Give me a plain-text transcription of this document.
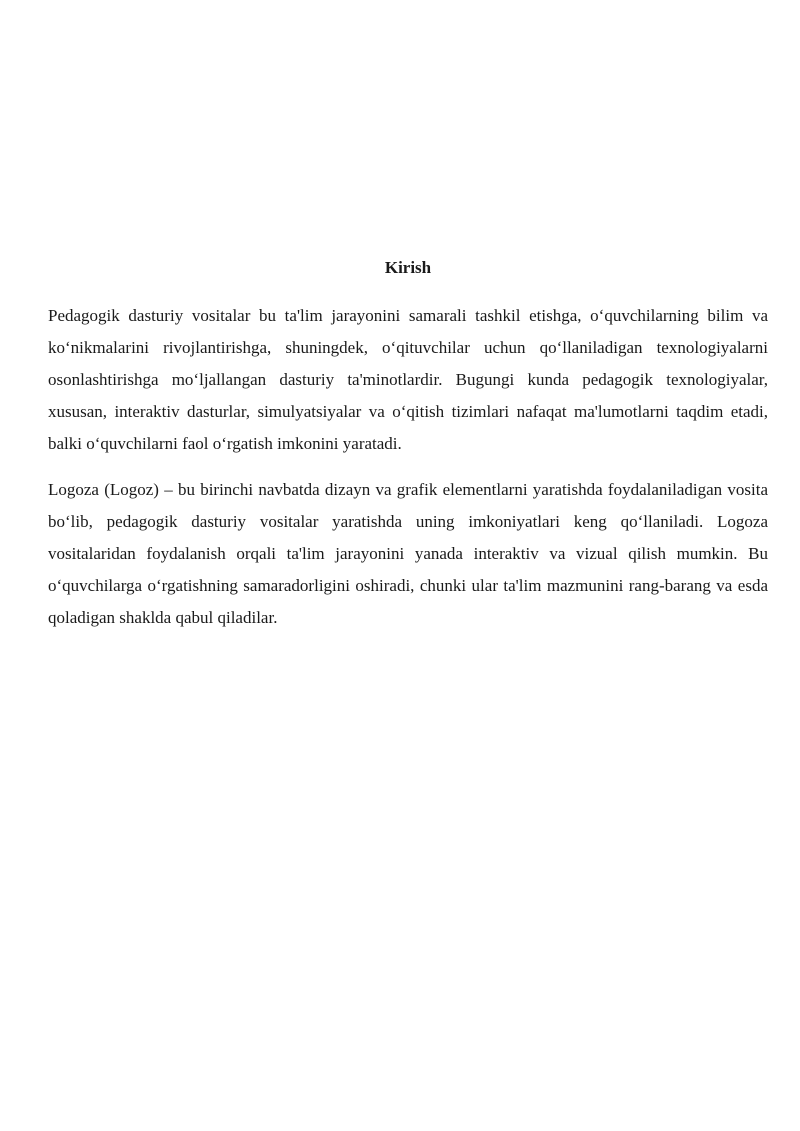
Kirish

Pedagogik dasturiy vositalar bu ta'lim jarayonini samarali tashkil etishga, o‘quvchilarning bilim va ko‘nikmalarini rivojlantirishga, shuningdek, o‘qituvchilar uchun qo‘llaniladigan texnologiyalarni osonlashtirishga mo‘ljallangan dasturiy ta'minotlardir. Bugungi kunda pedagogik texnologiyalar, xususan, interaktiv dasturlar, simulyatsiyalar va o‘qitish tizimlari nafaqat ma'lumotlarni taqdim etadi, balki o‘quvchilarni faol o‘rgatish imkonini yaratadi.

Logoza (Logoz) – bu birinchi navbatda dizayn va grafik elementlarni yaratishda foydalaniladigan vosita bo‘lib, pedagogik dasturiy vositalar yaratishda uning imkoniyatlari keng qo‘llaniladi. Logoza vositalaridan foydalanish orqali ta'lim jarayonini yanada interaktiv va vizual qilish mumkin. Bu o‘quvchilarga o‘rgatishning samaradorligini oshiradi, chunki ular ta'lim mazmunini rang-barang va esda qoladigan shaklda qabul qiladilar.
